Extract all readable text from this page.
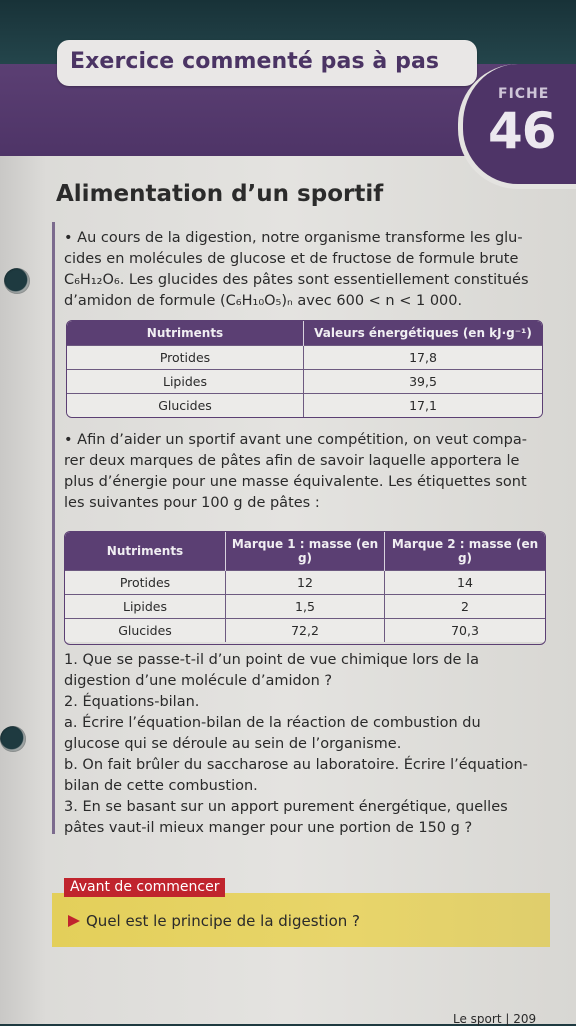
Exercice commenté pas à pas
FICHE
46
Alimentation d’un sportif
• Au cours de la digestion, notre organisme transforme les glu-
cides en molécules de glucose et de fructose de formule brute
C₆H₁₂O₆. Les glucides des pâtes sont essentiellement constitués
d’amidon de formule (C₆H₁₀O₅)ₙ avec 600 < n < 1 000.
Nutriments	Valeurs énergétiques (en kJ·g⁻¹)
Protides	17,8
Lipides	39,5
Glucides	17,1
• Afin d’aider un sportif avant une compétition, on veut compa-
rer deux marques de pâtes afin de savoir laquelle apportera le
plus d’énergie pour une masse équivalente. Les étiquettes sont
les suivantes pour 100 g de pâtes :
Nutriments	Marque 1 : masse (en g)	Marque 2 : masse (en g)
Protides	12	14
Lipides	1,5	2
Glucides	72,2	70,3
1. Que se passe-t-il d’un point de vue chimique lors de la
digestion d’une molécule d’amidon ?
2. Équations-bilan.
a. Écrire l’équation-bilan de la réaction de combustion du
glucose qui se déroule au sein de l’organisme.
b. On fait brûler du saccharose au laboratoire. Écrire l’équation-
bilan de cette combustion.
3. En se basant sur un apport purement énergétique, quelles
pâtes vaut-il mieux manger pour une portion de 150 g ?
Avant de commencer
Quel est le principe de la digestion ?
Le sport | 209
